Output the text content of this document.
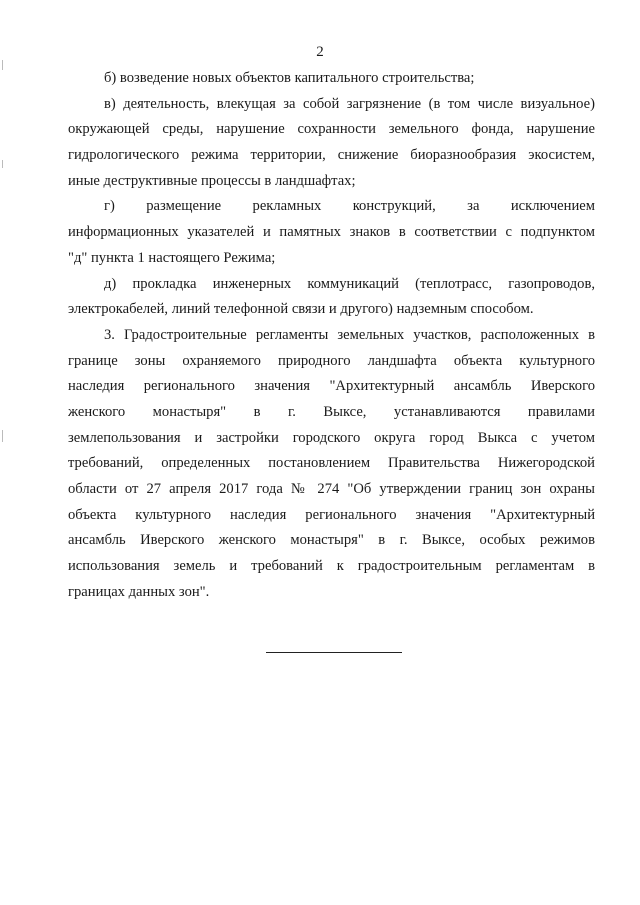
2
б) возведение новых объектов капитального строительства;
в) деятельность, влекущая за собой загрязнение (в том числе визуальное)
окружающей среды, нарушение сохранности земельного фонда, нарушение
гидрологического режима территории, снижение биоразнообразия экосистем,
иные деструктивные процессы в ландшафтах;
г) размещение рекламных конструкций, за исключением
информационных указателей и памятных знаков в соответствии с подпунктом
"д" пункта 1 настоящего Режима;
д) прокладка инженерных коммуникаций (теплотрасс, газопроводов,
электрокабелей, линий телефонной связи и другого) надземным способом.
3. Градостроительные регламенты земельных участков, расположенных в
границе зоны охраняемого природного ландшафта объекта культурного
наследия регионального значения "Архитектурный ансамбль Иверского
женского монастыря" в г. Выксе, устанавливаются правилами
землепользования и застройки городского округа город Выкса с учетом
требований, определенных постановлением Правительства Нижегородской
области от 27 апреля 2017 года № 274 "Об утверждении границ зон охраны
объекта культурного наследия регионального значения "Архитектурный
ансамбль Иверского женского монастыря" в г. Выксе, особых режимов
использования земель и требований к градостроительным регламентам в
границах данных зон".
